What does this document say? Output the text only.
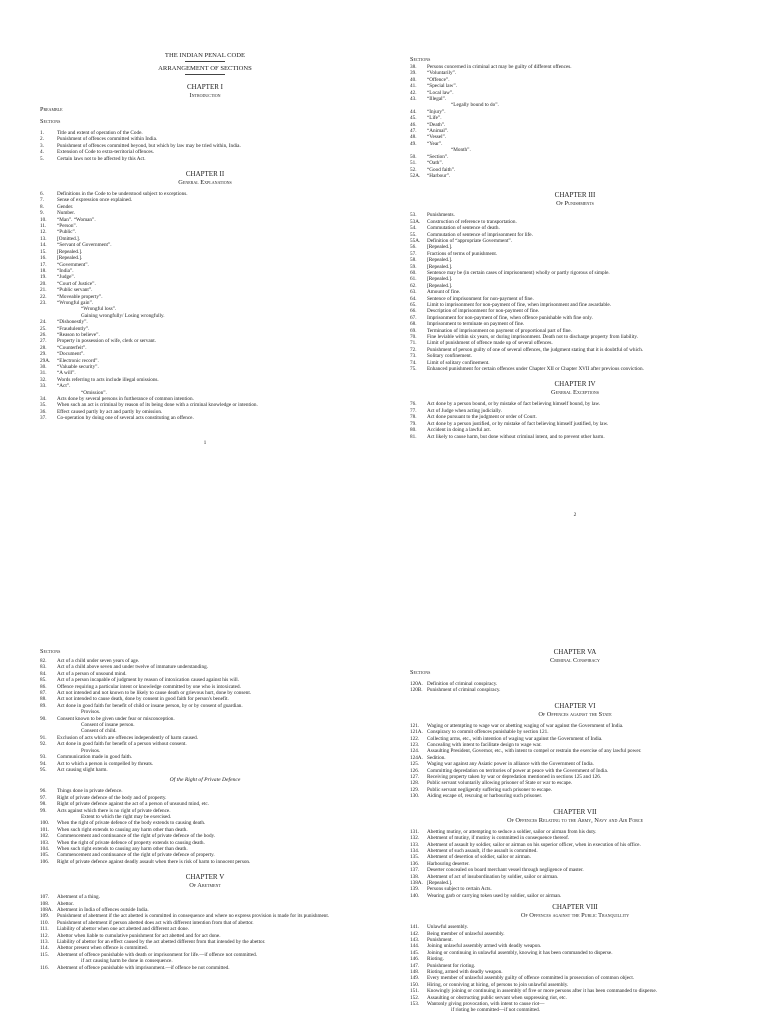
THE INDIAN PENAL CODE
ARRANGEMENT OF SECTIONS
CHAPTER I
Introduction
Preamble
Sections
1.	Title and extent of operation of the Code.
2.	Punishment of offences committed within India.
3.	Punishment of offences committed beyond, but which by law may be tried within, India.
4.	Extension of Code to extra-territorial offences.
5.	Certain laws not to be affected by this Act.
CHAPTER II
General Explanations
6.	Definitions in the Code to be understood subject to exceptions.
7.	Sense of expression once explained.
8.	Gender.
9.	Number.
10.	“Man”. “Woman”.
11.	“Person”.
12.	“Public”.
13.	[Omitted.].
14.	“Servant of Government”.
15.	[Repealed.].
16.	[Repealed.].
17.	“Government”.
18.	“India”.
19.	“Judge”.
20.	“Court of Justice”.
21.	“Public servant”.
22.	“Moveable property”.
23.	“Wrongful gain”.
“Wrongful loss”.
Gaining wrongfully/ Losing wrongfully.
24.	“Dishonestly”.
25.	“Fraudulently”.
26.	“Reason to believe”.
27.	Property in possession of wife, clerk or servant.
28.	“Counterfeit”.
29.	“Document”.
29A.	“Electronic record”.
30.	“Valuable security”.
31.	“A will”.
32.	Words referring to acts include illegal omissions.
33.	“Act”.
“Omission”.
34.	Acts done by several persons in furtherance of common intention.
35.	When such an act is criminal by reason of its being done with a criminal knowledge or intention.
36.	Effect caused partly by act and partly by omission.
37.	Co-operation by doing one of several acts constituting an offence.
1
Sections
38.	Persons concerned in criminal act may be guilty of different offences.
39.	“Voluntarily”.
40.	“Offence”.
41.	“Special law”.
42.	“Local law”.
43.	“Illegal”.
“Legally bound to do”.
44.	“Injury”.
45.	“Life”.
46.	“Death”.
47.	“Animal”.
48.	“Vessel”.
49.	“Year”.
“Month”.
50.	“Section”.
51.	“Oath”.
52.	“Good faith”.
52A.	“Harbour”.
CHAPTER III
Of Punishments
53.	Punishments.
53A.	Construction of reference to transportation.
54.	Commutation of sentence of death.
55.	Commutation of sentence of imprisonment for life.
55A.	Definition of “appropriate Government”.
56.	[Repealed.].
57.	Fractions of terms of punishment.
58.	[Repealed.].
59.	[Repealed.].
60.	Sentence may be (in certain cases of imprisonment) wholly or partly rigorous of simple.
61.	[Repealed.].
62.	[Repealed.].
63.	Amount of fine.
64.	Sentence of imprisonment for non-payment of fine.
65.	Limit to imprisonment for non-payment of fine, when imprisonment and fine awardable.
66.	Description of imprisonment for non-payment of fine.
67.	Imprisonment for non-payment of fine, when offence punishable with fine only.
68.	Imprisonment to terminate on payment of fine.
69.	Termination of imprisonment on payment of proportional part of fine.
70.	Fine leviable within six years, or during imprisonment. Death not to discharge property from liability.
71.	Limit of punishment of offence made up of several offences.
72.	Punishment of person guilty of one of several offences, the judgment stating that it is doubtful of which.
73.	Solitary confinement.
74.	Limit of solitary confinement.
75.	Enhanced punishment for certain offences under Chapter XII or Chapter XVII after previous conviction.
CHAPTER IV
General Exceptions
76.	Act done by a person bound, or by mistake of fact believing himself bound, by law.
77.	Act of Judge when acting judicially.
78.	Act done pursuant to the judgment or order of Court.
79.	Act done by a person justified, or by mistake of fact believing himself justified, by law.
80.	Accident in doing a lawful act.
81.	Act likely to cause harm, but done without criminal intent, and to prevent other harm.
2
Sections
82.	Act of a child under seven years of age.
83.	Act of a child above seven and under twelve of immature understanding.
84.	Act of a person of unsound mind.
85.	Act of a person incapable of judgment by reason of intoxication caused against his will.
86.	Offence requiring a particular intent or knowledge committed by one who is intoxicated.
87.	Act not intended and not known to be likely to cause death or grievous hurt, done by consent.
88.	Act not intended to cause death, done by consent in good faith for person's benefit.
89.	Act done in good faith for benefit of child or insane person, by or by consent of guardian.
Provisos.
90.	Consent known to be given under fear or misconception.
Consent of insane person.
Consent of child.
91.	Exclusion of acts which are offences independently of harm caused.
92.	Act done in good faith for benefit of a person without consent.
Provisos.
93.	Communication made in good faith.
94.	Act to which a person is compelled by threats.
95.	Act causing slight harm.
Of the Right of Private Defence
96.	Things done in private defence.
97.	Right of private defence of the body and of property.
98.	Right of private defence against the act of a person of unsound mind, etc.
99.	Acts against which there is no right of private defence.
Extent to which the right may be exercised.
100.	When the right of private defence of the body extends to causing death.
101.	When such right extends to causing any harm other than death.
102.	Commencement and continuance of the right of private defence of the body.
103.	When the right of private defence of property extends to causing death.
104.	When such right extends to causing any harm other than death.
105.	Commencement and continuance of the right of private defence of property.
106.	Right of private defence against deadly assault when there is risk of harm to innocent person.
CHAPTER V
Of Abetment
107.	Abetment of a thing.
108.	Abettor.
108A. Abetment in India of offences outside India.
109.	Punishment of abetment if the act abetted is committed in consequence and where no express provision is made for its punishment.
110.	Punishment of abetment if person abetted does act with different intention from that of abettor.
111.	Liability of abettor when one act abetted and different act done.
112.	Abettor when liable to cumulative punishment for act abetted and for act done.
113.	Liability of abettor for an effect caused by the act abetted different from that intended by the abettor.
114.	Abettor present when offence is committed.
115.	Abetment of offence punishable with death or imprisonment for life.—if offence not committed.
if act causing harm be done in consequence.
116.	Abetment of offence punishable with imprisonment.—if offence be not committed.
CHAPTER VA
Criminal Conspiracy
Sections
120A. Definition of criminal conspiracy.
120B. Punishment of criminal conspiracy.
CHAPTER VI
Of Offences against the State
121.	Waging or attempting to wage war or abetting waging of war against the Government of India.
121A. Conspiracy to commit offences punishable by section 121.
122.	Collecting arms, etc., with intention of waging war against the Government of India.
123.	Concealing with intent to facilitate design to wage war.
124.	Assaulting President, Governor, etc., with intent to compel or restrain the exercise of any lawful power.
124A. Sedition.
125.	Waging war against any Asiatic power in alliance with the Government of India.
126.	Committing depredation on territories of power at peace with the Government of India.
127.	Receiving property taken by war or depredation mentioned in sections 125 and 126.
128.	Public servant voluntarily allowing prisoner of State or war to escape.
129.	Public servant negligently suffering such prisoner to escape.
130.	Aiding escape of, rescuing or harbouring such prisoner.
CHAPTER VII
Of Offences Relating to the Army, Navy and Air Force
131.	Abetting mutiny, or attempting to seduce a soldier, sailor or airman from his duty.
132.	Abetment of mutiny, if mutiny is committed in consequence thereof.
133.	Abetment of assault by soldier, sailor or airman on his superior officer, when in execution of his office.
134.	Abetment of such assault, if the assault is committed.
135.	Abetment of desertion of soldier, sailor or airman.
136.	Harbouring deserter.
137.	Deserter concealed on board merchant vessel through negligence of master.
138.	Abetment of act of insubordination by soldier, sailor or airman.
138A. [Repealed.].
139.	Persons subject to certain Acts.
140.	Wearing garb or carrying token used by soldier, sailor or airman.
CHAPTER VIII
Of Offences against the Public Tranquillity
141.	Unlawful assembly.
142.	Being member of unlawful assembly.
143.	Punishment.
144.	Joining unlawful assembly armed with deadly weapon.
145.	Joining or continuing in unlawful assembly, knowing it has been commanded to disperse.
146.	Rioting.
147.	Punishment for rioting.
148.	Rioting, armed with deadly weapon.
149.	Every member of unlawful assembly guilty of offence committed in prosecution of common object.
150.	Hiring, or conniving at hiring, of persons to join unlawful assembly.
151.	Knowingly joining or continuing in assembly of five or more persons after it has been commanded to disperse.
152.	Assaulting or obstructing public servant when suppressing riot, etc.
153.	Wantonly giving provocation, with intent to cause riot—
if rioting be committed—if not committed.
